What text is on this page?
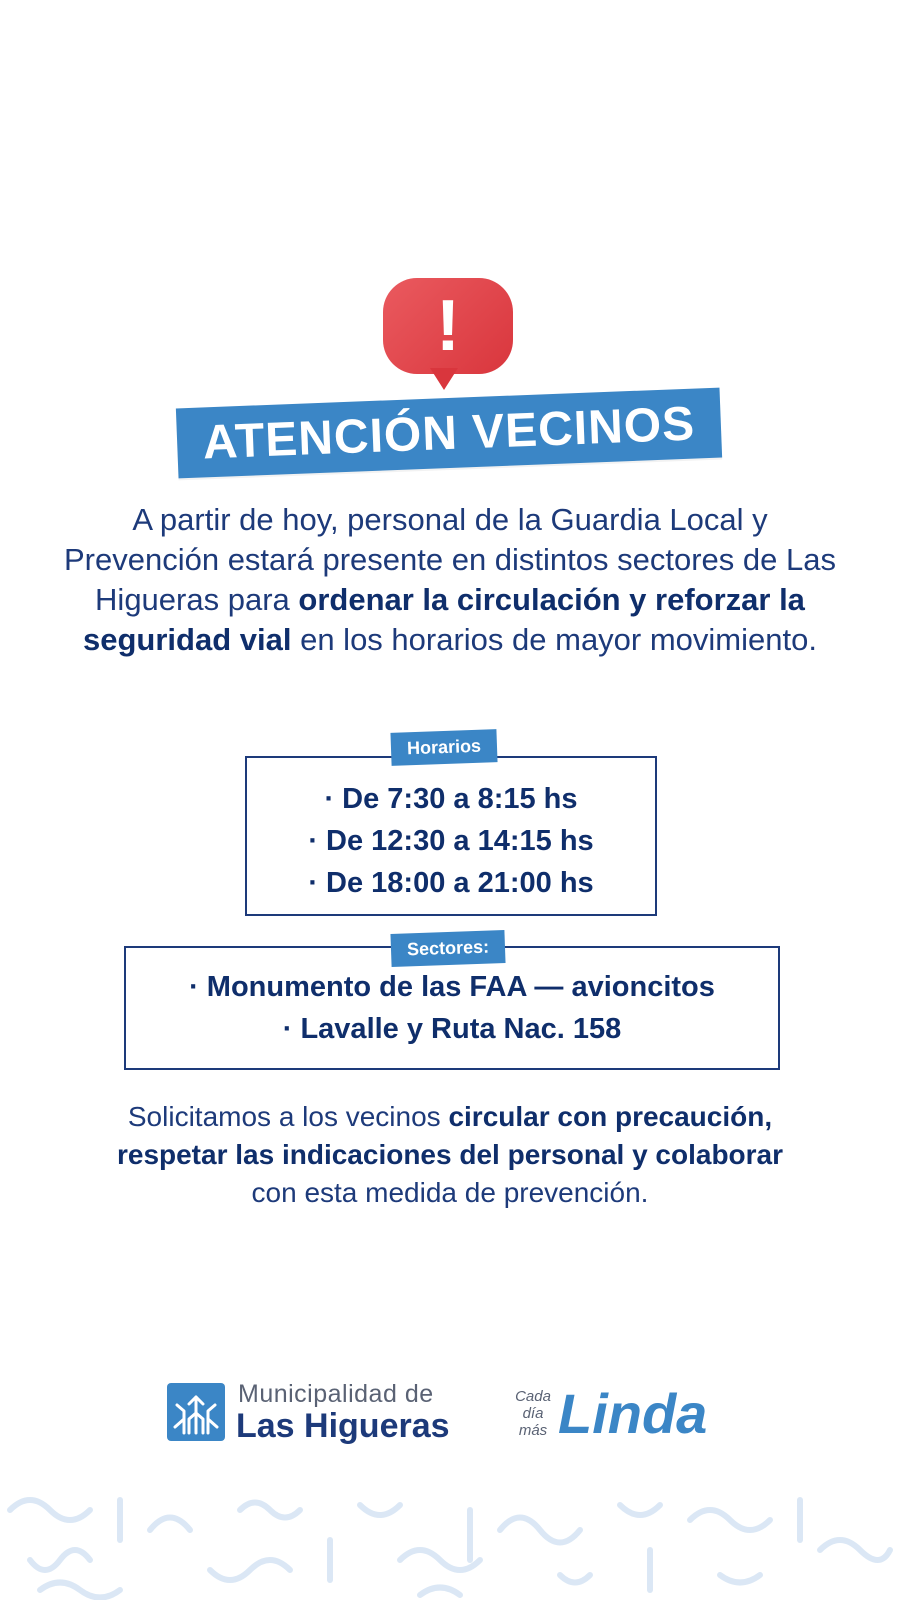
!
ATENCIÓN VECINOS
A partir de hoy, personal de la Guardia Local y Prevención estará presente en distintos sectores de Las Higueras para ordenar la circulación y reforzar la seguridad vial en los horarios de mayor movimiento.
· De 7:30 a 8:15 hs
· De 12:30 a 14:15 hs
· De 18:00 a 21:00 hs
Horarios
· Monumento de las FAA — avioncitos
· Lavalle y Ruta Nac. 158
Sectores:
Solicitamos a los vecinos circular con precaución, respetar las indicaciones del personal y colaborar con esta medida de prevención.
Municipalidad de
Las Higueras
Cada
día
más Linda
